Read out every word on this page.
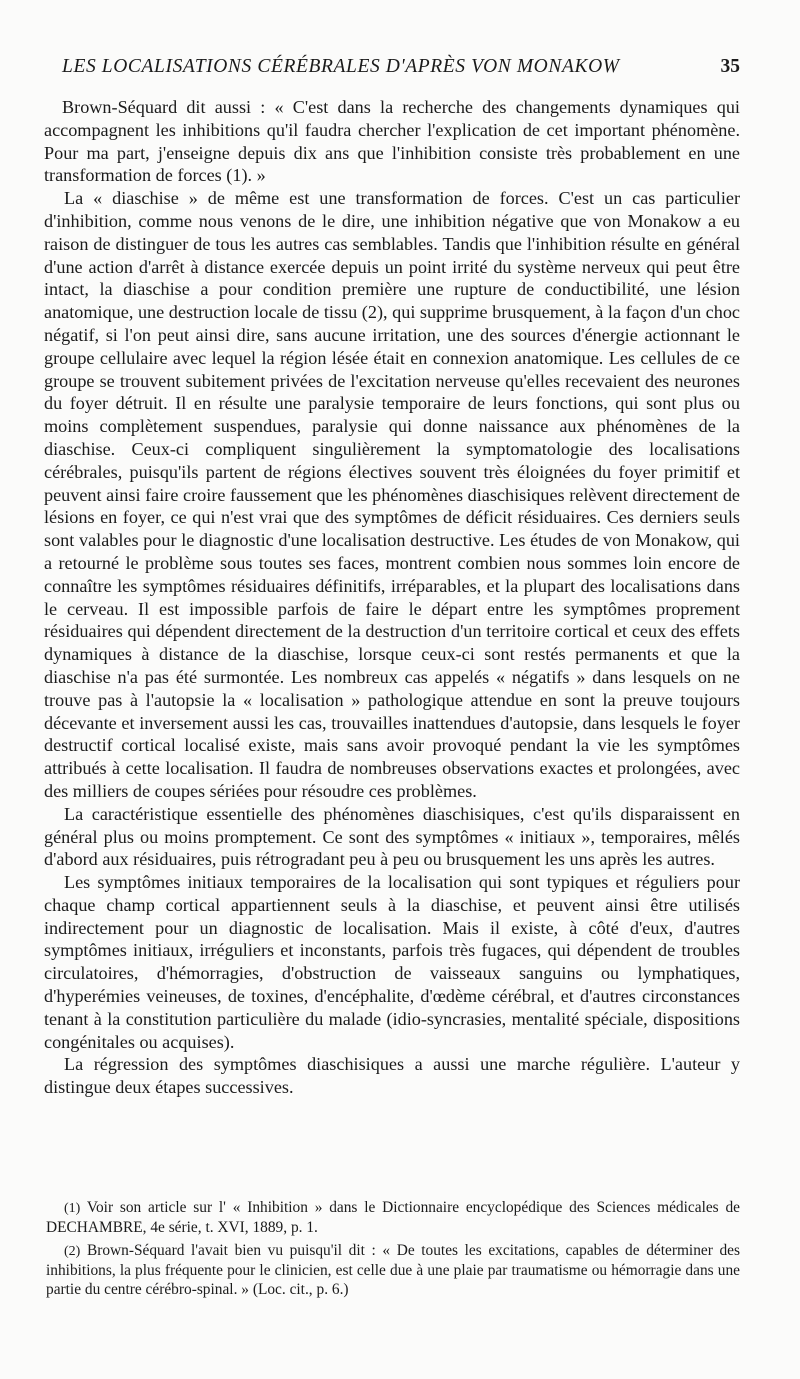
LES LOCALISATIONS CÉRÉBRALES D'APRÈS VON MONAKOW	35

Brown-Séquard dit aussi : « C'est dans la recherche des changements dynamiques qui accompagnent les inhibitions qu'il faudra chercher l'explication de cet important phénomène. Pour ma part, j'enseigne depuis dix ans que l'inhibition consiste très probablement en une transformation de forces (1). »

La « diaschise » de même est une transformation de forces. C'est un cas particulier d'inhibition, comme nous venons de le dire, une inhibition négative que von Monakow a eu raison de distinguer de tous les autres cas semblables. Tandis que l'inhibition résulte en général d'une action d'arrêt à distance exercée depuis un point irrité du système nerveux qui peut être intact, la diaschise a pour condition première une rupture de conductibilité, une lésion anatomique, une destruction locale de tissu (2), qui supprime brusquement, à la façon d'un choc négatif, si l'on peut ainsi dire, sans aucune irritation, une des sources d'énergie actionnant le groupe cellulaire avec lequel la région lésée était en connexion anatomique. Les cellules de ce groupe se trouvent subitement privées de l'excitation nerveuse qu'elles recevaient des neurones du foyer détruit. Il en résulte une paralysie temporaire de leurs fonctions, qui sont plus ou moins complètement suspendues, paralysie qui donne naissance aux phénomènes de la diaschise. Ceux-ci compliquent singulièrement la symptomatologie des localisations cérébrales, puisqu'ils partent de régions électives souvent très éloignées du foyer primitif et peuvent ainsi faire croire faussement que les phénomènes diaschisiques relèvent directement de lésions en foyer, ce qui n'est vrai que des symptômes de déficit résiduaires. Ces derniers seuls sont valables pour le diagnostic d'une localisation destructive. Les études de von Monakow, qui a retourné le problème sous toutes ses faces, montrent combien nous sommes loin encore de connaître les symptômes résiduaires définitifs, irréparables, et la plupart des localisations dans le cerveau. Il est impossible parfois de faire le départ entre les symptômes proprement résiduaires qui dépendent directement de la destruction d'un territoire cortical et ceux des effets dynamiques à distance de la diaschise, lorsque ceux-ci sont restés permanents et que la diaschise n'a pas été surmontée. Les nombreux cas appelés « négatifs » dans lesquels on ne trouve pas à l'autopsie la « localisation » pathologique attendue en sont la preuve toujours décevante et inversement aussi les cas, trouvailles inattendues d'autopsie, dans lesquels le foyer destructif cortical localisé existe, mais sans avoir provoqué pendant la vie les symptômes attribués à cette localisation. Il faudra de nombreuses observations exactes et prolongées, avec des milliers de coupes sériées pour résoudre ces problèmes.

La caractéristique essentielle des phénomènes diaschisiques, c'est qu'ils disparaissent en général plus ou moins promptement. Ce sont des symptômes « initiaux », temporaires, mêlés d'abord aux résiduaires, puis rétrogradant peu à peu ou brusquement les uns après les autres.

Les symptômes initiaux temporaires de la localisation qui sont typiques et réguliers pour chaque champ cortical appartiennent seuls à la diaschise, et peuvent ainsi être utilisés indirectement pour un diagnostic de localisation. Mais il existe, à côté d'eux, d'autres symptômes initiaux, irréguliers et inconstants, parfois très fugaces, qui dépendent de troubles circulatoires, d'hémorragies, d'obstruction de vaisseaux sanguins ou lymphatiques, d'hyperémies veineuses, de toxines, d'encéphalite, d'œdème cérébral, et d'autres circonstances tenant à la constitution particulière du malade (idio-syncrasies, mentalité spéciale, dispositions congénitales ou acquises).

La régression des symptômes diaschisiques a aussi une marche régulière. L'auteur y distingue deux étapes successives.

(1) Voir son article sur l' « Inhibition » dans le Dictionnaire encyclopédique des Sciences médicales de DECHAMBRE, 4e série, t. XVI, 1889, p. 1.

(2) Brown-Séquard l'avait bien vu puisqu'il dit : « De toutes les excitations, capables de déterminer des inhibitions, la plus fréquente pour le clinicien, est celle due à une plaie par traumatisme ou hémorragie dans une partie du centre cérébro-spinal. » (Loc. cit., p. 6.)
